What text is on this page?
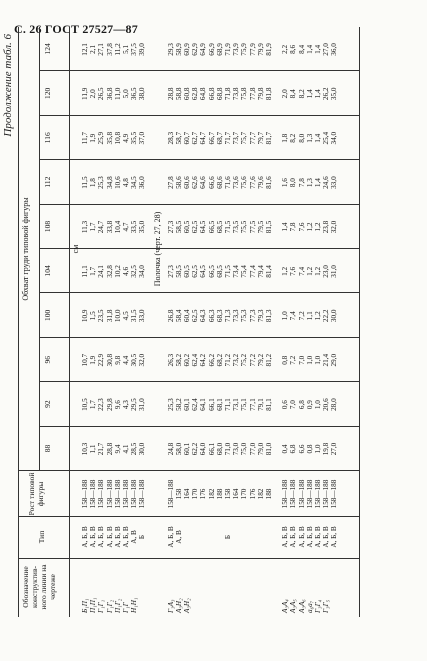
С. 26 ГОСТ 27527—87
Продолжение табл. 6
Обозначение конструктив-ного линии на чертеже
Тип
Рост типовой фигуры
Обхват груди типовой фигуры
88
92
96
100
104
108
112
116
120
124
см
Б₁П₁ П₁П₁ Г₁Г₁ Г₁Г₂ П₁Г₂ Г₁Г Н₁Н₁
А, Б, В А, Б, В А, Б, В А, Б, В А, Б, В А, Б, В А, В Б
158—188 158—188 158—188 158—188 158—188 158—188 158—188 158—188
10,3
10,5
10,7
10,9
11,1
11,3
11,5
11,7
11,9
12,1
1,1
1,7
1,9
1,5
1,7
1,7
1,8
1,9
2,0
2,1
21,7
22,3
22,9
23,5
24,1
24,7
25,3
25,9
26,5
27,1
28,8
29,8
30,8
31,8
32,8
33,8
34,8
35,8
36,8
37,8
9,4
9,6
9,8
10,0
10,2
10,4
10,6
10,8
11,0
11,2
4,1
4,3
4,4
4,5
4,6
4,7
4,8
4,9
5,0
5,1
28,5
29,5
30,5
31,5
32,5
33,5
34,5
35,5
36,5
37,5
30,0
31,0
32,0
33,0
34,0
35,0
36,0
37,0
38,0
39,0
Полочка (черт. 27, 28)
Г₃А₃ А₃Н₂ А₃Н₂
А, Б, В А, В	Б
158—188 158 164 170 176 182 188 158 164 170 176 182 188
24,8
25,3
26,3
26,8
27,3
27,3
27,8
28,3
28,8
29,3
58,0
58,2
58,2
58,4
58,5
58,5
58,6
58,7
58,8
58,9
60,1
60,1
60,2
60,4
60,5
60,5
60,6
60,7
60,8
60,9
62,2
62,4
62,4
62,5
62,5
62,5
62,6
62,7
62,8
62,9
64,0
64,1
64,2
64,3
64,5
64,5
64,6
64,7
64,8
64,9
66,1
66,1
66,2
66,3
66,5
66,5
66,6
66,7
66,8
66,9
68,0
68,1
68,2
68,3
68,5
68,5
68,6
68,7
68,8
68,9
71,0
71,1
71,2
71,3
71,5
71,5
71,6
71,7
71,8
71,9
73,0
73,1
73,2
73,3
73,4
73,5
73,6
73,7
73,8
73,9
75,0
75,1
75,2
75,3
75,4
75,5
75,6
75,7
75,8
75,9
77,0
77,1
77,2
77,3
77,4
77,5
77,6
77,7
77,8
77,9
79,0
79,1
79,2
79,3
79,4
79,5
79,6
79,7
79,8
79,9
81,0
81,1
81,2
81,3
81,4
81,5
81,6
81,7
81,8
81,9
А₃А₄ А₃А₅ А₃А₆ а₆а₇ Г₃Г₄ Г₃Г₅
А, Б, В А, Б, В А, Б, В А, Б, В А, Б, В А, Б, В А, Б, В
158—188 158—188 158—188 158—188 158—188 158—188 158—188
0,4
0,6
0,8
1,0
1,2
1,4
1,6
1,8
2,0
2,2
6,8
7,0
7,2
7,4
7,6
7,8
8,0
8,2
8,4
8,6
6,6
6,8
7,0
7,2
7,4
7,6
7,8
8,0
8,2
8,4
0,8
0,9
1,0
1,1
1,2
1,2
1,3
1,3
1,4
1,4
1,0
1,0
1,0
1,2
1,2
1,2
1,4
1,4
1,4
1,4
19,8
20,6
21,4
22,2
23,0
23,8
24,6
25,4
26,2
27,0
27,0
28,0
29,0
30,0
31,0
32,0
33,0
34,0
35,0
36,0
